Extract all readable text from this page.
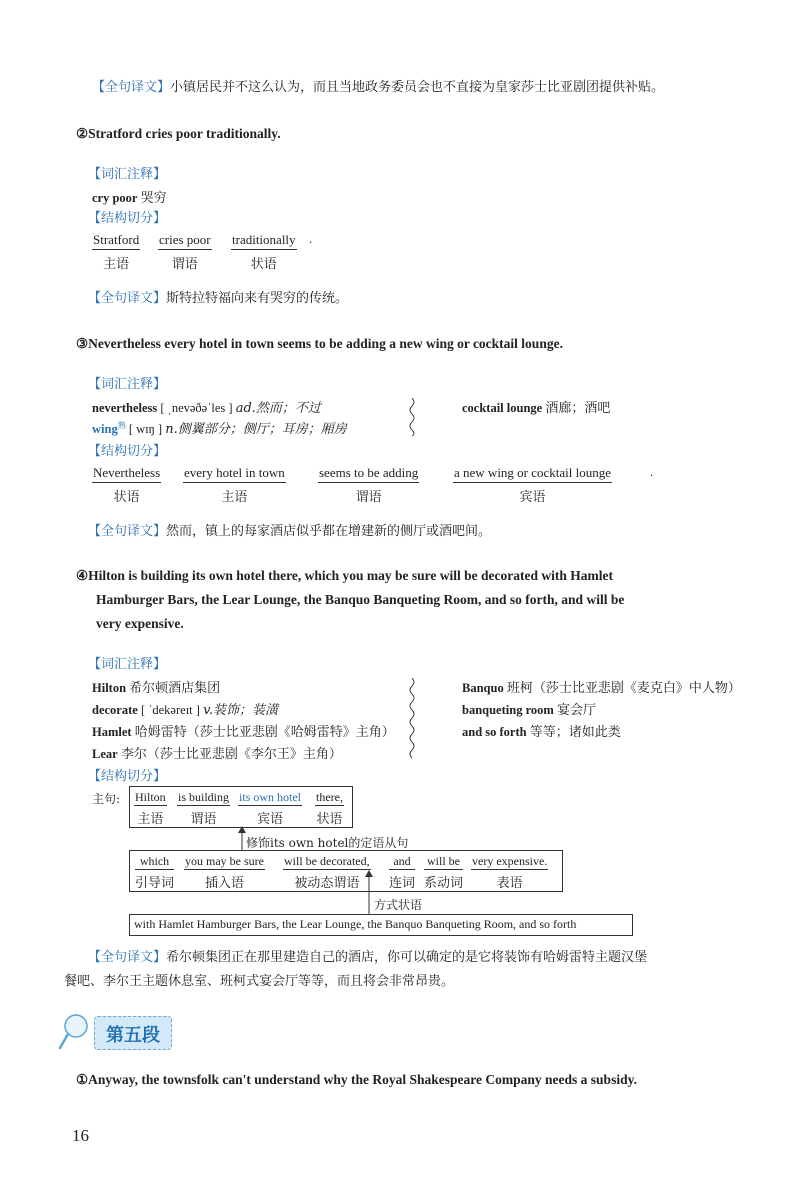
【全句译文】小镇居民并不这么认为，而且当地政务委员会也不直接为皇家莎士比亚剧团提供补贴。
②Stratford cries poor traditionally.
【词汇注释】
cry poor 哭穷
【结构切分】
Stratford
主语
cries poor
谓语
traditionally
状语
.
【全句译文】斯特拉特福向来有哭穷的传统。
③Nevertheless every hotel in town seems to be adding a new wing or cocktail lounge.
【词汇注释】
nevertheless [ ˌnevəðəˈles ] ad.然而；不过
wing$^熟$ [ wɪŋ ] n.侧翼部分；侧厅；耳房；厢房
cocktail lounge 酒廊；酒吧
【结构切分】
Nevertheless
状语
every hotel in town
主语
seems to be adding
谓语
a new wing or cocktail lounge
宾语
.
【全句译文】然而，镇上的每家酒店似乎都在增建新的侧厅或酒吧间。
④Hilton is building its own hotel there, which you may be sure will be decorated with Hamlet
Hamburger Bars, the Lear Lounge, the Banquo Banqueting Room, and so forth, and will be
very expensive.
【词汇注释】
Hilton 希尔顿酒店集团
decorate [ ˈdekəreɪt ] v.装饰；装潢
Hamlet 哈姆雷特（莎士比亚悲剧《哈姆雷特》主角）
Lear 李尔（莎士比亚悲剧《李尔王》主角）
Banquo 班柯（莎士比亚悲剧《麦克白》中人物）
banqueting room 宴会厅
and so forth 等等；诸如此类
【结构切分】
主句: Hilton
主语
is building
谓语
its own hotel
宾语
there,
状语
修饰its own hotel的定语从句
which
引导词
you may be sure
插入语
will be decorated,
被动态谓语
and
连词
will be
系动词
very expensive.
表语
方式状语
with Hamlet Hamburger Bars, the Lear Lounge, the Banquo Banqueting Room, and so forth
【全句译文】希尔顿集团正在那里建造自己的酒店，你可以确定的是它将装饰有哈姆雷特主题汉堡
餐吧、李尔王主题休息室、班柯式宴会厅等等，而且将会非常昂贵。
第五段
①Anyway, the townsfolk can't understand why the Royal Shakespeare Company needs a subsidy.
16
